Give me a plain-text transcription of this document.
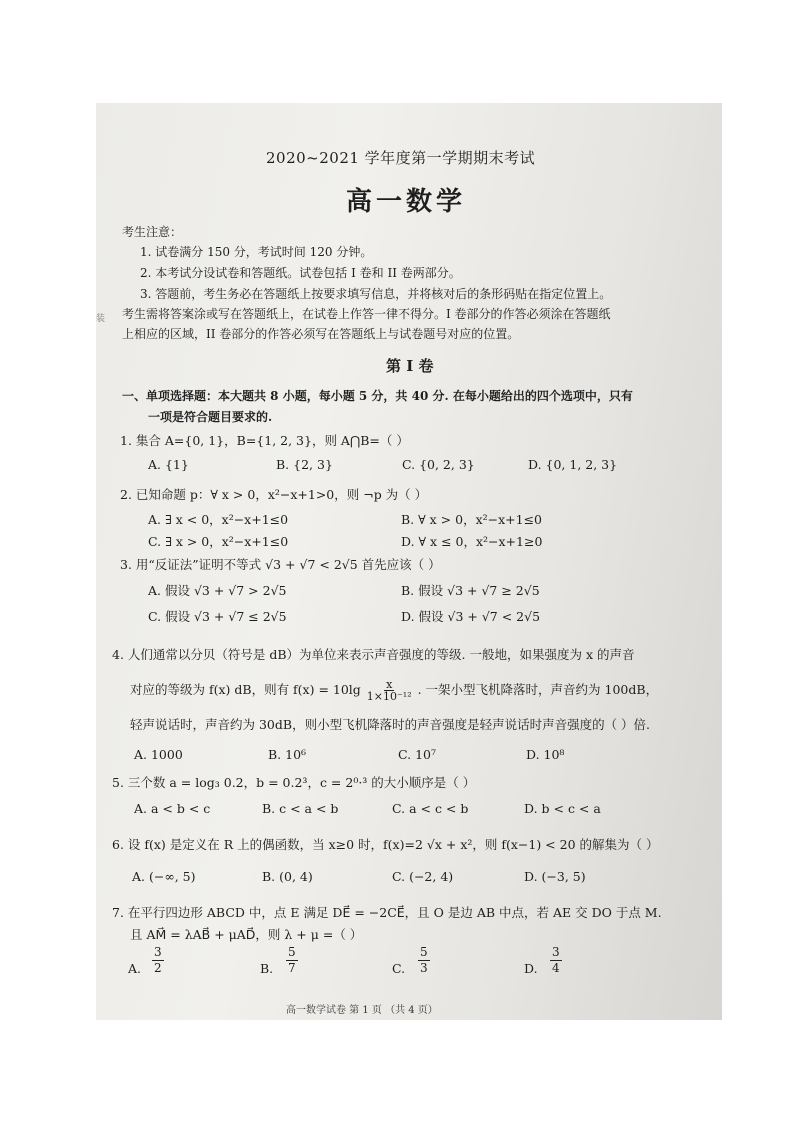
2020~2021 学年度第一学期期末考试
高一数学
考生注意：
1. 试卷满分 150 分，考试时间 120 分钟。
2. 本考试分设试卷和答题纸。试卷包括 I 卷和 II 卷两部分。
3. 答题前，考生务必在答题纸上按要求填写信息，并将核对后的条形码贴在指定位置上。
考生需将答案涂或写在答题纸上，在试卷上作答一律不得分。I 卷部分的作答必须涂在答题纸
上相应的区域，II 卷部分的作答必须写在答题纸上与试卷题号对应的位置。
装
第 I 卷
一、单项选择题：本大题共 8 小题，每小题 5 分，共 40 分. 在每小题给出的四个选项中，只有
一项是符合题目要求的.
1. 集合 A={0, 1}，B={1, 2, 3}，则 A⋂B=（ ）
A. {1}	B. {2, 3}	C. {0, 2, 3}	D. {0, 1, 2, 3}
2. 已知命题 p：∀ x > 0，x²−x+1>0，则 ¬p 为（ ）
A. ∃ x < 0，x²−x+1≤0	B. ∀ x > 0，x²−x+1≤0
C. ∃ x > 0，x²−x+1≤0	D. ∀ x ≤ 0，x²−x+1≥0
3. 用“反证法”证明不等式 √3 + √7 < 2√5 首先应该（ ）
A. 假设 √3 + √7 > 2√5	B. 假设 √3 + √7 ≥ 2√5
C. 假设 √3 + √7 ≤ 2√5	D. 假设 √3 + √7 < 2√5
4. 人们通常以分贝（符号是 dB）为单位来表示声音强度的等级. 一般地，如果强度为 x 的声音
对应的等级为 f(x) dB，则有 $f(x) = 10\lg \frac{x}{\text{1×10⁻¹²}}$ . 一架小型飞机降落时，声音约为 100dB，
轻声说话时，声音约为 30dB，则小型飞机降落时的声音强度是轻声说话时声音强度的（ ）倍.
A. 1000	B. 10⁶	C. 10⁷	D. 10⁸
5. 三个数 a = log₃ 0.2，b = 0.2³，c = 2⁰·³ 的大小顺序是（ ）
A. a < b < c	B. c < a < b	C. a < c < b	D. b < c < a
6. 设 f(x) 是定义在 R 上的偶函数，当 x≥0 时，f(x)=2 √x + x²，则 f(x−1) < 20 的解集为（ ）
A. (−∞, 5)	B. (0, 4)	C. (−2, 4)	D. (−3, 5)
7. 在平行四边形 ABCD 中，点 E 满足 DE⃗ = −2CE⃗，且 O 是边 AB 中点，若 AE 交 DO 于点 M.
且 AM⃗ = λAB⃗ + μAD⃗，则 λ + μ =（ ）
A. $\frac{3}{2}$	B. $\frac{5}{7}$	C. $\frac{5}{3}$	D. $\frac{3}{4}$
高一数学试卷 第 1 页 （共 4 页）
